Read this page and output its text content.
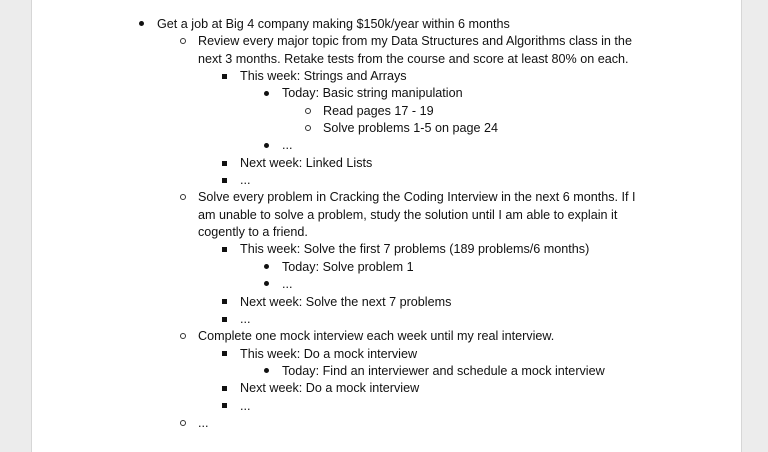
Get a job at Big 4 company making $150k/year within 6 months
Review every major topic from my Data Structures and Algorithms class in the
next 3 months. Retake tests from the course and score at least 80% on each.
This week: Strings and Arrays
Today: Basic string manipulation
Read pages 17 - 19
Solve problems 1-5 on page 24
...
Next week: Linked Lists
...
Solve every problem in Cracking the Coding Interview in the next 6 months. If I
am unable to solve a problem, study the solution until I am able to explain it
cogently to a friend.
This week: Solve the first 7 problems (189 problems/6 months)
Today: Solve problem 1
...
Next week: Solve the next 7 problems
...
Complete one mock interview each week until my real interview.
This week: Do a mock interview
Today: Find an interviewer and schedule a mock interview
Next week: Do a mock interview
...
...
